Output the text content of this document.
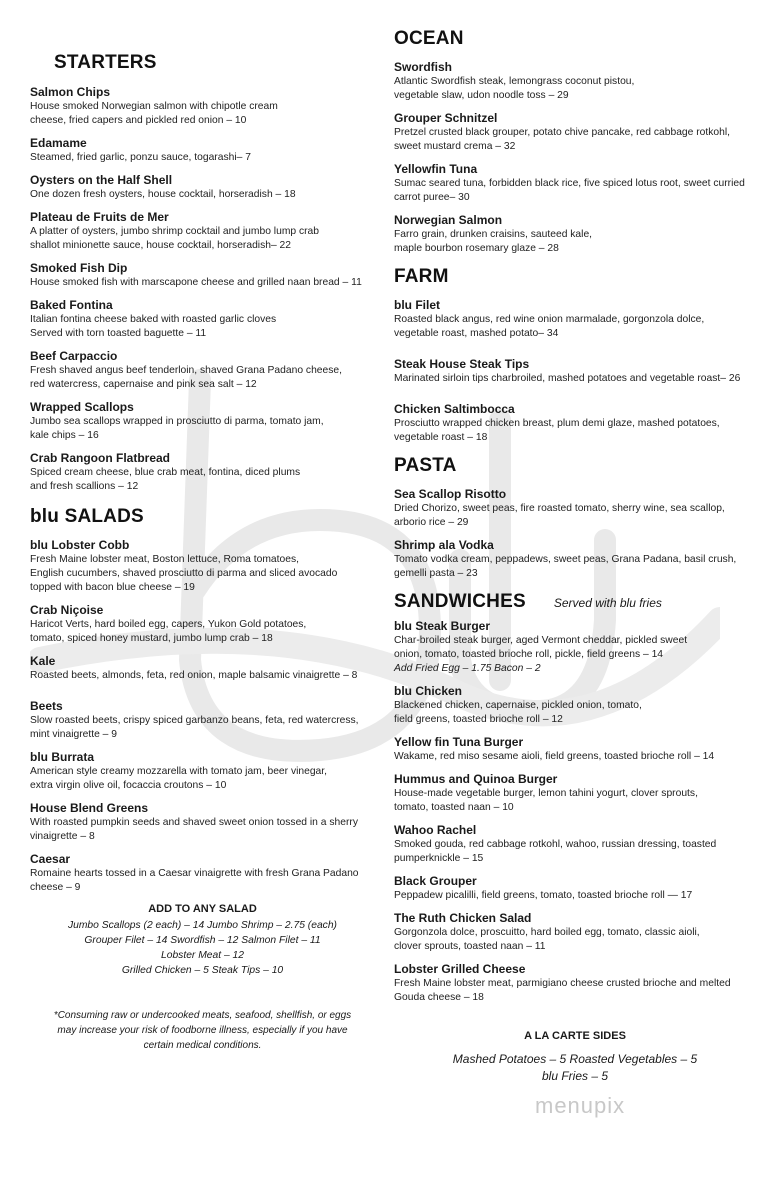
STARTERS
Salmon Chips
House smoked Norwegian salmon with chipotle cream
cheese, fried capers and pickled red onion – 10
Edamame
Steamed, fried garlic, ponzu sauce, togarashi– 7
Oysters on the Half Shell
One dozen fresh oysters, house cocktail, horseradish – 18
Plateau de Fruits de Mer
A platter of oysters, jumbo shrimp cocktail and jumbo lump crab
shallot minionette sauce, house cocktail, horseradish– 22
Smoked Fish Dip
House smoked fish with marscapone cheese and grilled naan bread – 11
Baked Fontina
Italian fontina cheese baked with roasted garlic cloves
Served with torn toasted baguette – 11
Beef Carpaccio
Fresh shaved angus beef tenderloin, shaved Grana Padano cheese,
red watercress, capernaise and pink sea salt – 12
Wrapped Scallops
Jumbo sea scallops wrapped in prosciutto di parma, tomato jam,
kale chips – 16
Crab Rangoon Flatbread
Spiced cream cheese, blue crab meat, fontina, diced plums
and fresh scallions – 12
blu SALADS
blu Lobster Cobb
Fresh Maine lobster meat, Boston lettuce, Roma tomatoes,
English cucumbers, shaved prosciutto di parma and sliced avocado
topped with bacon blue cheese – 19
Crab Niçoise
Haricot Verts, hard boiled egg, capers, Yukon Gold potatoes,
tomato, spiced honey mustard, jumbo lump crab – 18
Kale
Roasted beets, almonds, feta, red onion, maple balsamic vinaigrette – 8
Beets
Slow roasted beets, crispy spiced garbanzo beans, feta, red watercress,
mint vinaigrette – 9
blu Burrata
American style creamy mozzarella with tomato jam, beer vinegar,
extra virgin olive oil, focaccia croutons – 10
House Blend Greens
With roasted pumpkin seeds and shaved sweet onion tossed in a sherry
vinaigrette – 8
Caesar
Romaine hearts tossed in a Caesar vinaigrette with fresh Grana Padano
cheese – 9
ADD TO ANY SALAD
Jumbo Scallops (2 each) – 14 Jumbo Shrimp – 2.75 (each)
Grouper Filet – 14 Swordfish – 12 Salmon Filet – 11
Lobster Meat – 12
Grilled Chicken – 5 Steak Tips – 10
*Consuming raw or undercooked meats, seafood, shellfish, or eggs
may increase your risk of foodborne illness, especially if you have
certain medical conditions.
OCEAN
Swordfish
Atlantic Swordfish steak, lemongrass coconut pistou,
vegetable slaw, udon noodle toss – 29
Grouper Schnitzel
Pretzel crusted black grouper, potato chive pancake, red cabbage rotkohl,
sweet mustard crema – 32
Yellowfin Tuna
Sumac seared tuna, forbidden black rice, five spiced lotus root, sweet curried
carrot puree– 30
Norwegian Salmon
Farro grain, drunken craisins, sauteed kale,
maple bourbon rosemary glaze – 28
FARM
blu Filet
Roasted black angus, red wine onion marmalade, gorgonzola dolce,
vegetable roast, mashed potato– 34
Steak House Steak Tips
Marinated sirloin tips charbroiled, mashed potatoes and vegetable roast– 26
Chicken Saltimbocca
Prosciutto wrapped chicken breast, plum demi glaze, mashed potatoes,
vegetable roast – 18
PASTA
Sea Scallop Risotto
Dried Chorizo, sweet peas, fire roasted tomato, sherry wine, sea scallop,
arborio rice – 29
Shrimp ala Vodka
Tomato vodka cream, peppadews, sweet peas, Grana Padana, basil crush,
gemelli pasta – 23
SANDWICHES Served with blu fries
blu Steak Burger
Char-broiled steak burger, aged Vermont cheddar, pickled sweet
onion, tomato, toasted brioche roll, pickle, field greens – 14
Add Fried Egg – 1.75 Bacon – 2
blu Chicken
Blackened chicken, capernaise, pickled onion, tomato,
field greens, toasted brioche roll – 12
Yellow fin Tuna Burger
Wakame, red miso sesame aioli, field greens, toasted brioche roll – 14
Hummus and Quinoa Burger
House-made vegetable burger, lemon tahini yogurt, clover sprouts,
tomato, toasted naan – 10
Wahoo Rachel
Smoked gouda, red cabbage rotkohl, wahoo, russian dressing, toasted
pumperknickle – 15
Black Grouper
Peppadew picalilli, field greens, tomato, toasted brioche roll — 17
The Ruth Chicken Salad
Gorgonzola dolce, proscuitto, hard boiled egg, tomato, classic aioli,
clover sprouts, toasted naan – 11
Lobster Grilled Cheese
Fresh Maine lobster meat, parmigiano cheese crusted brioche and melted
Gouda cheese – 18
A LA CARTE SIDES
Mashed Potatoes – 5 Roasted Vegetables – 5
blu Fries – 5
menupix
